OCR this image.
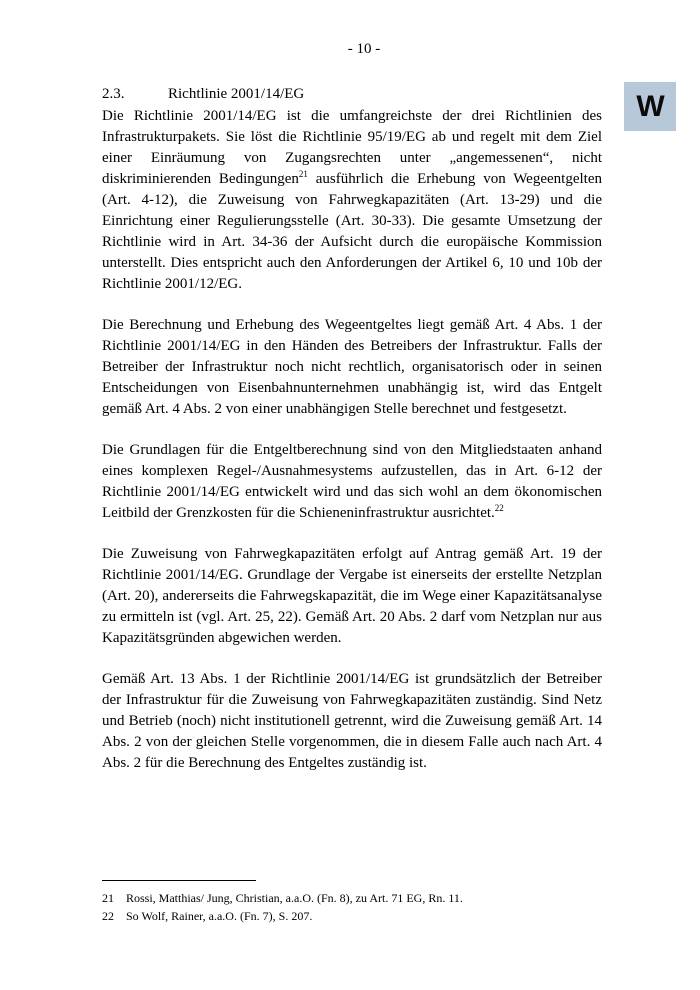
- 10 -
W
2.3.	Richtlinie 2001/14/EG

Die Richtlinie 2001/14/EG ist die umfangreichste der drei Richtlinien des Infrastrukturpakets. Sie löst die Richtlinie 95/19/EG ab und regelt mit dem Ziel einer Einräumung von Zugangsrechten unter „angemessenen“, nicht diskriminierenden Bedingungen$^{21}$ ausführlich die Erhebung von Wegeentgelten (Art. 4-12), die Zuweisung von Fahrwegkapazitäten (Art. 13-29) und die Einrichtung einer Regulierungsstelle (Art. 30-33). Die gesamte Umsetzung der Richtlinie wird in Art. 34-36 der Aufsicht durch die europäische Kommission unterstellt. Dies entspricht auch den Anforderungen der Artikel 6, 10 und 10b der Richtlinie 2001/12/EG.

Die Berechnung und Erhebung des Wegeentgeltes liegt gemäß Art. 4 Abs. 1 der Richtlinie 2001/14/EG in den Händen des Betreibers der Infrastruktur. Falls der Betreiber der Infrastruktur noch nicht rechtlich, organisatorisch oder in seinen Entscheidungen von Eisenbahnunternehmen unabhängig ist, wird das Entgelt gemäß Art. 4 Abs. 2 von einer unabhängigen Stelle berechnet und festgesetzt.

Die Grundlagen für die Entgeltberechnung sind von den Mitgliedstaaten anhand eines komplexen Regel-/Ausnahmesystems aufzustellen, das in Art. 6-12 der Richtlinie 2001/14/EG entwickelt wird und das sich wohl an dem ökonomischen Leitbild der Grenzkosten für die Schieneninfrastruktur ausrichtet.$^{22}$

Die Zuweisung von Fahrwegkapazitäten erfolgt auf Antrag gemäß Art. 19 der Richtlinie 2001/14/EG. Grundlage der Vergabe ist einerseits der erstellte Netzplan (Art. 20), andererseits die Fahrwegskapazität, die im Wege einer Kapazitätsanalyse zu ermitteln ist (vgl. Art. 25, 22). Gemäß Art. 20 Abs. 2 darf vom Netzplan nur aus Kapazitätsgründen abgewichen werden.

Gemäß Art. 13 Abs. 1 der Richtlinie 2001/14/EG ist grundsätzlich der Betreiber der Infrastruktur für die Zuweisung von Fahrwegkapazitäten zuständig. Sind Netz und Betrieb (noch) nicht institutionell getrennt, wird die Zuweisung gemäß Art. 14 Abs. 2 von der gleichen Stelle vorgenommen, die in diesem Falle auch nach Art. 4 Abs. 2 für die Berechnung des Entgeltes zuständig ist.

21	Rossi, Matthias/ Jung, Christian, a.a.O. (Fn. 8), zu Art. 71 EG, Rn. 11.
22	So Wolf, Rainer, a.a.O. (Fn. 7), S. 207.
